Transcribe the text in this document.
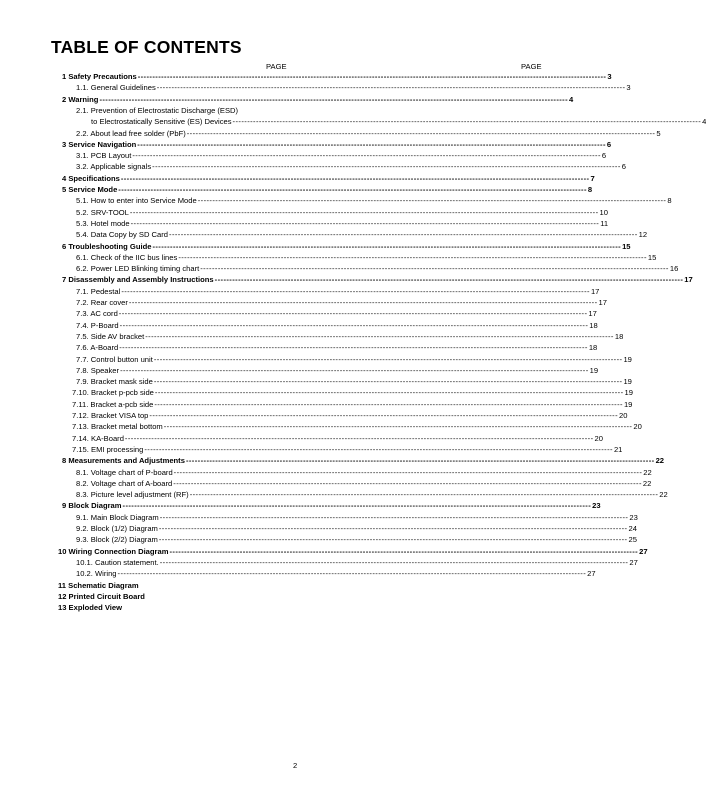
TABLE OF CONTENTS
PAGE	PAGE
1 Safety Precautions ---------------------------------------------------------------------------------------------------------------------------------------------------------------- 3
1.1. General Guidelines ---------------------------------------------------------------------------------------------------------------------------------------------------------------- 3
2 Warning ---------------------------------------------------------------------------------------------------------------------------------------------------------------- 4
2.1. Prevention of Electrostatic Discharge (ESD)
to Electrostatically Sensitive (ES) Devices ---------------------------------------------------------------------------------------------------------------------------------------------------------------- 4
2.2. About lead free solder (PbF) ---------------------------------------------------------------------------------------------------------------------------------------------------------------- 5
3 Service Navigation ---------------------------------------------------------------------------------------------------------------------------------------------------------------- 6
3.1. PCB Layout ---------------------------------------------------------------------------------------------------------------------------------------------------------------- 6
3.2. Applicable signals ---------------------------------------------------------------------------------------------------------------------------------------------------------------- 6
4 Specifications ---------------------------------------------------------------------------------------------------------------------------------------------------------------- 7
5 Service Mode ---------------------------------------------------------------------------------------------------------------------------------------------------------------- 8
5.1. How to enter into Service Mode ---------------------------------------------------------------------------------------------------------------------------------------------------------------- 8
5.2. SRV-TOOL ---------------------------------------------------------------------------------------------------------------------------------------------------------------- 10
5.3. Hotel mode ---------------------------------------------------------------------------------------------------------------------------------------------------------------- 11
5.4. Data Copy by SD Card ---------------------------------------------------------------------------------------------------------------------------------------------------------------- 12
6 Troubleshooting Guide ---------------------------------------------------------------------------------------------------------------------------------------------------------------- 15
6.1. Check of the IIC bus lines ---------------------------------------------------------------------------------------------------------------------------------------------------------------- 15
6.2. Power LED Blinking timing chart ---------------------------------------------------------------------------------------------------------------------------------------------------------------- 16
7 Disassembly and Assembly Instructions ---------------------------------------------------------------------------------------------------------------------------------------------------------------- 17
7.1. Pedestal ---------------------------------------------------------------------------------------------------------------------------------------------------------------- 17
7.2. Rear cover ---------------------------------------------------------------------------------------------------------------------------------------------------------------- 17
7.3. AC cord ---------------------------------------------------------------------------------------------------------------------------------------------------------------- 17
7.4. P-Board ---------------------------------------------------------------------------------------------------------------------------------------------------------------- 18
7.5. Side AV bracket ---------------------------------------------------------------------------------------------------------------------------------------------------------------- 18
7.6. A-Board ---------------------------------------------------------------------------------------------------------------------------------------------------------------- 18
7.7. Control button unit ---------------------------------------------------------------------------------------------------------------------------------------------------------------- 19
7.8. Speaker ---------------------------------------------------------------------------------------------------------------------------------------------------------------- 19
7.9. Bracket mask side ---------------------------------------------------------------------------------------------------------------------------------------------------------------- 19
7.10. Bracket p-pcb side ---------------------------------------------------------------------------------------------------------------------------------------------------------------- 19
7.11. Bracket a-pcb side ---------------------------------------------------------------------------------------------------------------------------------------------------------------- 19
7.12. Bracket VISA top ---------------------------------------------------------------------------------------------------------------------------------------------------------------- 20
7.13. Bracket metal bottom ---------------------------------------------------------------------------------------------------------------------------------------------------------------- 20
7.14. KA-Board ---------------------------------------------------------------------------------------------------------------------------------------------------------------- 20
7.15. EMI processing ---------------------------------------------------------------------------------------------------------------------------------------------------------------- 21
8 Measurements and Adjustments ---------------------------------------------------------------------------------------------------------------------------------------------------------------- 22
8.1. Voltage chart of P-board ---------------------------------------------------------------------------------------------------------------------------------------------------------------- 22
8.2. Voltage chart of A-board ---------------------------------------------------------------------------------------------------------------------------------------------------------------- 22
8.3. Picture level adjustment (RF) ---------------------------------------------------------------------------------------------------------------------------------------------------------------- 22
9 Block Diagram ---------------------------------------------------------------------------------------------------------------------------------------------------------------- 23
9.1. Main Block Diagram ---------------------------------------------------------------------------------------------------------------------------------------------------------------- 23
9.2. Block (1/2) Diagram ---------------------------------------------------------------------------------------------------------------------------------------------------------------- 24
9.3. Block (2/2) Diagram ---------------------------------------------------------------------------------------------------------------------------------------------------------------- 25
10 Wiring Connection Diagram ---------------------------------------------------------------------------------------------------------------------------------------------------------------- 27
10.1. Caution statement. ---------------------------------------------------------------------------------------------------------------------------------------------------------------- 27
10.2. Wiring ---------------------------------------------------------------------------------------------------------------------------------------------------------------- 27
11 Schematic Diagram
12 Printed Circuit Board
13 Exploded View
2
